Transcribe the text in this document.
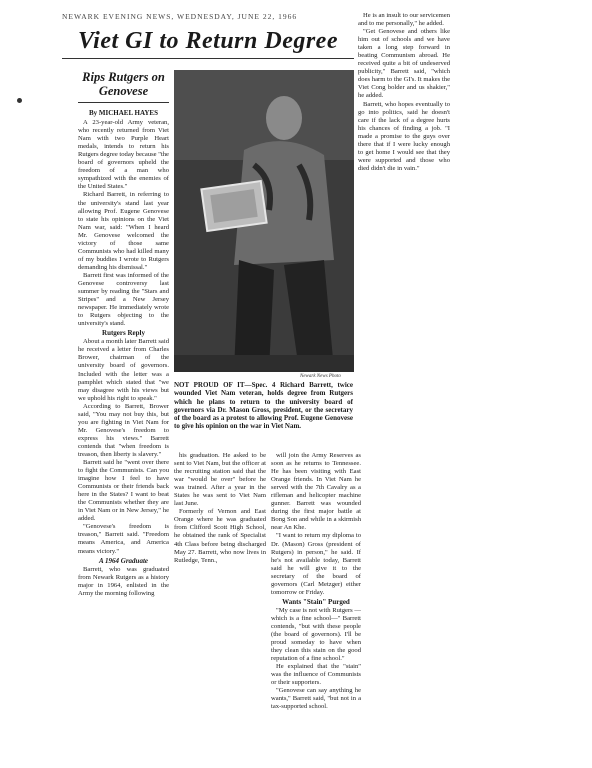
NEWARK EVENING NEWS, WEDNESDAY, JUNE 22, 1966
Viet GI to Return Degree
Rips Rutgers on Genovese
By MICHAEL HAYES

A 23-year-old Army veteran, who recently returned from Viet Nam with two Purple Heart medals, intends to return his Rutgers degree today because "the board of governors upheld the freedom of a man who sympathized with the enemies of the United States."

Richard Barrett, in referring to the university's stand last year allowing Prof. Eugene Genovese to state his opinions on the Viet Nam war, said: "When I heard Mr. Genovese welcomed the victory of those same Communists who had killed many of my buddies I wrote to Rutgers demanding his dismissal."

Barrett first was informed of the Genovese controversy last summer by reading the "Stars and Stripes" and a New Jersey newspaper. He immediately wrote to Rutgers objecting to the university's stand.

Rutgers Reply

About a month later Barrett said he received a letter from Charles Brower, chairman of the university board of governors. Included with the letter was a pamphlet which stated that "we may disagree with his views but we uphold his right to speak."

According to Barrett, Brower said, "You may not buy this, but you are fighting in Viet Nam for Mr. Genovese's freedom to express his views." Barrett contends that "when freedom is treason, then liberty is slavery."

Barrett said he "went over there to fight the Communists. Can you imagine how I feel to have Communists or their friends back here in the States? I want to beat the Communists whether they are in Viet Nam or in New Jersey," he added.

"Genovese's freedom is treason," Barrett said. "Freedom means America, and America means victory."

A 1964 Graduate

Barrett, who was graduated from Newark Rutgers as a history major in 1964, enlisted in the Army the morning following

Newark News Photo
NOT PROUD OF IT—Spec. 4 Richard Barrett, twice wounded Viet Nam veteran, holds degree from Rutgers which he plans to return to the university board of governors via Dr. Mason Gross, president, or the secretary of the board as a protest to allowing Prof. Eugene Genovese to give his opinion on the war in Viet Nam.

his graduation. He asked to be sent to Viet Nam, but the officer at the recruiting station said that the war "would be over" before he was trained. After a year in the States he was sent to Viet Nam last June.

Formerly of Vernon and East Orange where he was graduated from Clifford Scott High School, he obtained the rank of Specialist 4th Class before being discharged May 27. Barrett, who now lives in Rutledge, Tenn.,

will join the Army Reserves as soon as he returns to Tennessee. He has been visiting with East Orange friends. In Viet Nam he served with the 7th Cavalry as a rifleman and helicopter machine gunner. Barrett was wounded during the first major battle at Bong Son and while in a skirmish near An Khe.

"I want to return my diploma to Dr. (Mason) Gross (president of Rutgers) in person," he said. If he's not available today, Barrett said he will give it to the secretary of the board of governors (Carl Metzger) either tomorrow or Friday.

Wants "Stain" Purged

"My case is not with Rutgers —which is a fine school—" Barrett contends, "but with these people (the board of governors). I'll be proud someday to have when they clean this stain on the good reputation of a fine school."

He explained that the "stain" was the influence of Communists or their supporters.

"Genovese can say anything he wants," Barrett said, "but not in a tax-supported school.

He is an insult to our servicemen and to me personally," he added.

"Get Genovese and others like him out of schools and we have taken a long step forward in beating Communism abroad. He received quite a bit of undeserved publicity," Barrett said, "which does harm to the GI's. It makes the Viet Cong bolder and us shakier," he added.

Barrett, who hopes eventually to go into politics, said he doesn't care if the lack of a degree hurts his chances of finding a job. "I made a promise to the guys over there that if I were lucky enough to get home I would see that they were supported and those who died didn't die in vain."
